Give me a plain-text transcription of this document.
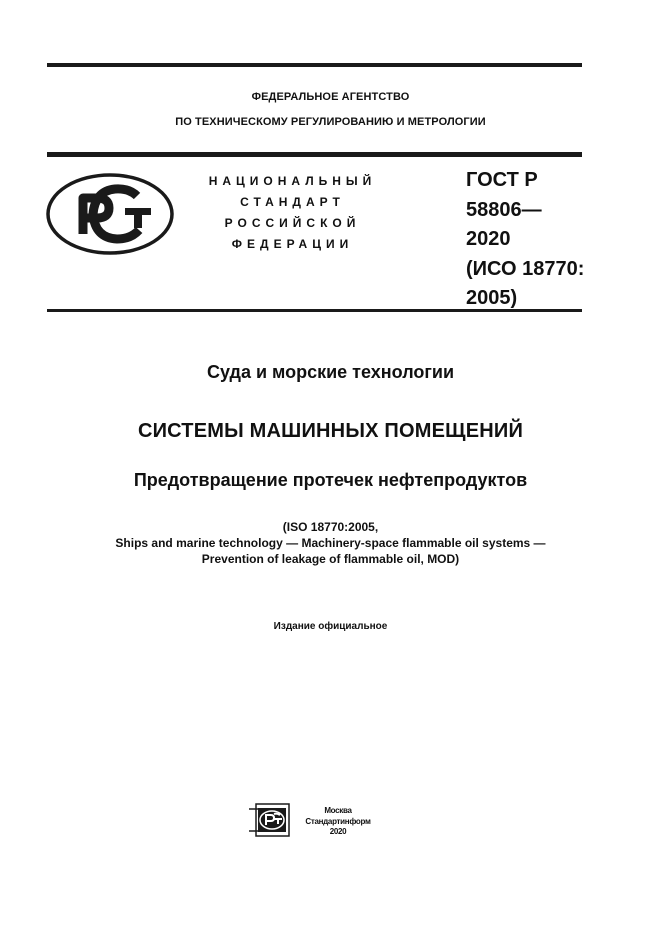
ФЕДЕРАЛЬНОЕ АГЕНТСТВО
ПО ТЕХНИЧЕСКОМУ РЕГУЛИРОВАНИЮ И МЕТРОЛОГИИ
НАЦИОНАЛЬНЫЙ
СТАНДАРТ
РОССИЙСКОЙ
ФЕДЕРАЦИИ
ГОСТ Р
58806—
2020
(ИСО 18770:
2005)
Суда и морские технологии
СИСТЕМЫ МАШИННЫХ ПОМЕЩЕНИЙ
Предотвращение протечек нефтепродуктов
(ISO 18770:2005,
Ships and marine technology — Machinery-space flammable oil systems —
Prevention of leakage of flammable oil, MOD)
Издание официальное
Москва
Стандартинформ
2020
